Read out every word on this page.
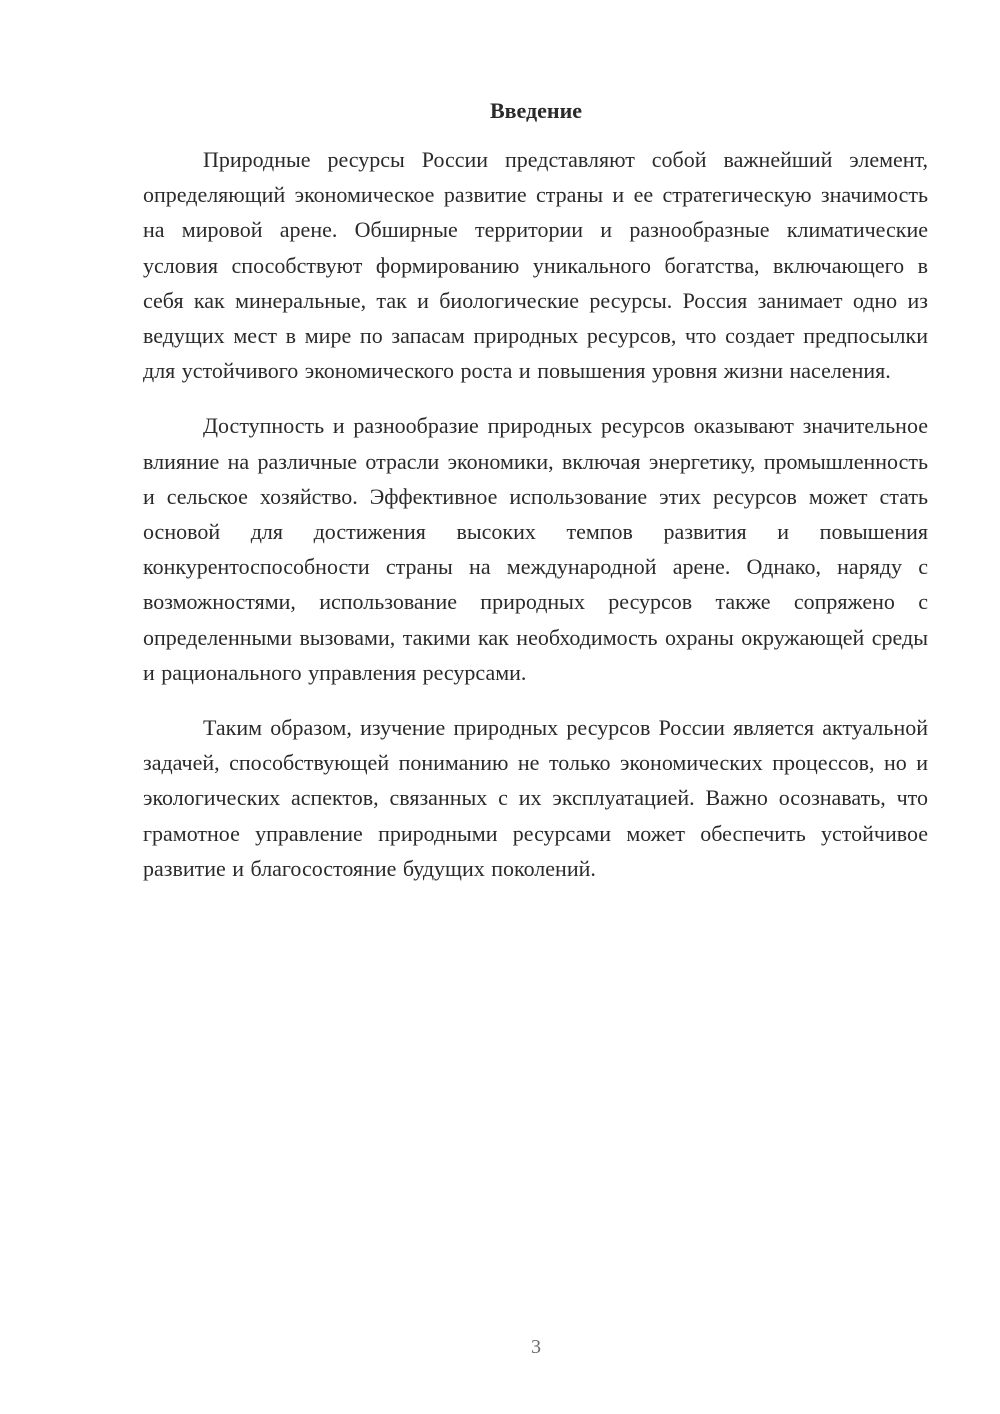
Введение

Природные ресурсы России представляют собой важнейший элемент, определяющий экономическое развитие страны и ее стратегическую значимость на мировой арене. Обширные территории и разнообразные климатические условия способствуют формированию уникального богатства, включающего в себя как минеральные, так и биологические ресурсы. Россия занимает одно из ведущих мест в мире по запасам природных ресурсов, что создает предпосылки для устойчивого экономического роста и повышения уровня жизни населения.

Доступность и разнообразие природных ресурсов оказывают значительное влияние на различные отрасли экономики, включая энергетику, промышленность и сельское хозяйство. Эффективное использование этих ресурсов может стать основой для достижения высоких темпов развития и повышения конкурентоспособности страны на международной арене. Однако, наряду с возможностями, использование природных ресурсов также сопряжено с определенными вызовами, такими как необходимость охраны окружающей среды и рационального управления ресурсами.

Таким образом, изучение природных ресурсов России является актуальной задачей, способствующей пониманию не только экономических процессов, но и экологических аспектов, связанных с их эксплуатацией. Важно осознавать, что грамотное управление природными ресурсами может обеспечить устойчивое развитие и благосостояние будущих поколений.

3
